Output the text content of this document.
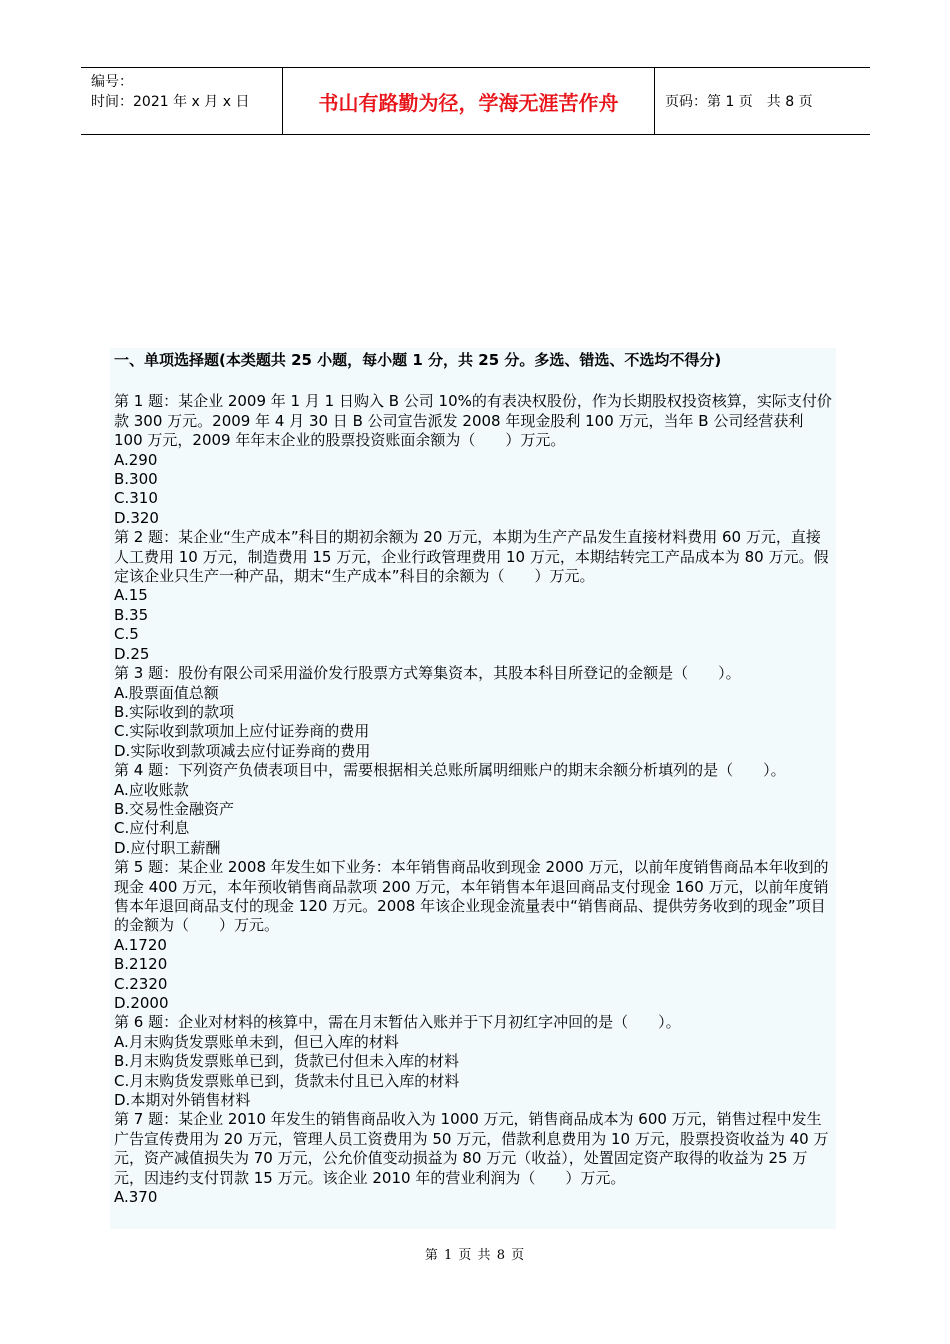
编号：
时间：2021 年 x 月 x 日	书山有路勤为径，学海无涯苦作舟	页码：第 1 页　共 8 页
一、单项选择题(本类题共 25 小题，每小题 1 分，共 25 分。多选、错选、不选均不得分)
第 1 题：某企业 2009 年 1 月 1 日购入 B 公司 10%的有表决权股份，作为长期股权投资核算，实际支付价款 300 万元。2009 年 4 月 30 日 B 公司宣告派发 2008 年现金股利 100 万元，当年 B 公司经营获利 100 万元，2009 年年末企业的股票投资账面余额为（　　）万元。
A.290
B.300
C.310
D.320
第 2 题：某企业“生产成本”科目的期初余额为 20 万元，本期为生产产品发生直接材料费用 60 万元，直接人工费用 10 万元，制造费用 15 万元，企业行政管理费用 10 万元，本期结转完工产品成本为 80 万元。假定该企业只生产一种产品，期末“生产成本”科目的余额为（　　）万元。
A.15
B.35
C.5
D.25
第 3 题：股份有限公司采用溢价发行股票方式筹集资本，其股本科目所登记的金额是（　　）。
A.股票面值总额
B.实际收到的款项
C.实际收到款项加上应付证券商的费用
D.实际收到款项减去应付证券商的费用
第 4 题：下列资产负债表项目中，需要根据相关总账所属明细账户的期末余额分析填列的是（　　）。
A.应收账款
B.交易性金融资产
C.应付利息
D.应付职工薪酬
第 5 题：某企业 2008 年发生如下业务：本年销售商品收到现金 2000 万元，以前年度销售商品本年收到的现金 400 万元，本年预收销售商品款项 200 万元，本年销售本年退回商品支付现金 160 万元，以前年度销售本年退回商品支付的现金 120 万元。2008 年该企业现金流量表中“销售商品、提供劳务收到的现金”项目的金额为（　　）万元。
A.1720
B.2120
C.2320
D.2000
第 6 题：企业对材料的核算中，需在月末暂估入账并于下月初红字冲回的是（　　）。
A.月末购货发票账单未到，但已入库的材料
B.月末购货发票账单已到，货款已付但未入库的材料
C.月末购货发票账单已到，货款未付且已入库的材料
D.本期对外销售材料
第 7 题：某企业 2010 年发生的销售商品收入为 1000 万元，销售商品成本为 600 万元，销售过程中发生广告宣传费用为 20 万元，管理人员工资费用为 50 万元，借款利息费用为 10 万元，股票投资收益为 40 万元，资产减值损失为 70 万元，公允价值变动损益为 80 万元（收益），处置固定资产取得的收益为 25 万元，因违约支付罚款 15 万元。该企业 2010 年的营业利润为（　　）万元。
A.370
第 1 页 共 8 页
